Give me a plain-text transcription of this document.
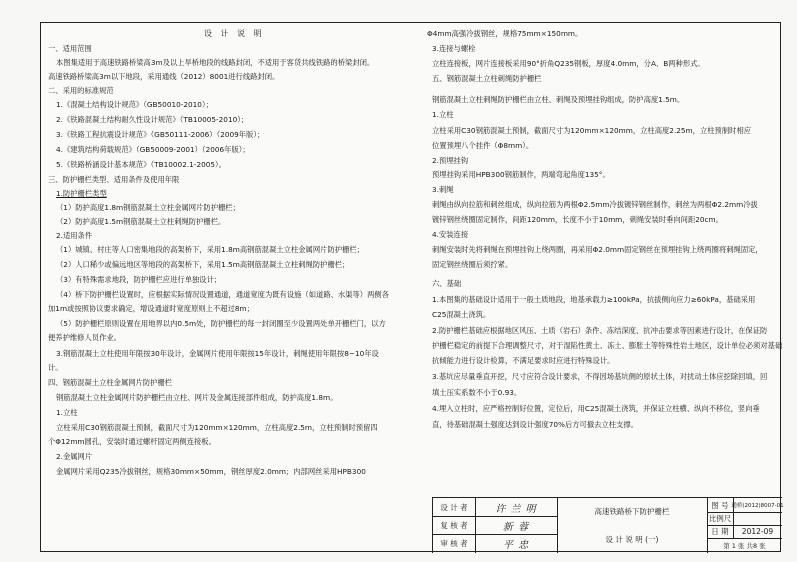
设 计 说 明
一、适用范围
本图集适用于高速铁路桥梁高3m及以上旱桥地段的线路封闭，不适用于客货共线铁路的桥梁封闭。
高速铁路桥梁高3m以下地段，采用通线（2012）8001进行线路封闭。
二、采用的标准规范
1.《混凝土结构设计规范》（GB50010-2010）；
2.《铁路混凝土结构耐久性设计规范》（TB10005-2010）；
3.《铁路工程抗震设计规范》（GB50111-2006）（2009年版）；
4.《建筑结构荷载规范》（GB50009-2001）（2006年版）；
5.《铁路桥涵设计基本规范》（TB10002.1-2005）。
三、防护栅栏类型、适用条件及使用年限
1.防护栅栏类型
（1）防护高度1.8m钢筋混凝土立柱金属网片防护栅栏；
（2）防护高度1.5m钢筋混凝土立柱刺绳防护栅栏。
2.适用条件
（1）城镇、村庄等人口密集地段的高架桥下，采用1.8m高钢筋混凝土立柱金属网片防护栅栏；
（2）人口稀少或偏远地区等地段的高架桥下，采用1.5m高钢筋混凝土立柱刺绳防护栅栏；
（3）有特殊需求地段，防护栅栏应进行单独设计；
（4）桥下防护栅栏设置时，应根据实际情况设置通道，通道宽度为既有设施（如道路、水渠等）两侧各
加1m或按照协议要求确定，增设通道时宽度原则上不超过8m；
（5）防护栅栏原则设置在用地界以内0.5m处，防护栅栏的每一封闭圈至少设置两处单开栅栏门，以方
便养护维修人员作业。
3.钢筋混凝土立柱使用年限按30年设计，金属网片使用年限按15年设计，刺绳使用年限按8~10年设
计。
四、钢筋混凝土立柱金属网片防护栅栏
钢筋混凝土立柱金属网片防护栅栏由立柱、网片及金属连接部件组成，防护高度1.8m。
1.立柱
立柱采用C30钢筋混凝土预制，截面尺寸为120mm×120mm，立柱高度2.5m，立柱预制时预留四
个Φ12mm圆孔，安装时通过螺杆固定两侧连接板。
2.金属网片
金属网片采用Q235冷拔钢丝，规格30mm×50mm，钢丝厚度2.0mm；内部网丝采用HPB300
Φ4mm高强冷拔钢丝，规格75mm×150mm。
3.连接与螺栓
立柱连接板，网片连接板采用90°折角Q235钢板，厚度4.0mm，分A、B两种形式。
五、钢筋混凝土立柱刺绳防护栅栏
钢筋混凝土立柱刺绳防护栅栏由立柱、刺绳及预埋挂钩组成，防护高度1.5m。
1.立柱
立柱采用C30钢筋混凝土预制，截面尺寸为120mm×120mm，立柱高度2.25m，立柱预制时相应
位置预埋八个挂件（Φ8mm）。
2.预埋挂钩
预埋挂钩采用HPB300钢筋制作，两端弯起角度135°。
3.刺绳
刺绳由纵向拉筋和刺丝组成，纵向拉筋为两根Φ2.5mm冷拔镀锌钢丝制作，刺丝为两根Φ2.2mm冷拔
镀锌钢丝绕圈固定制作，间距120mm，长度不小于10mm，刺绳安装时垂向间距20cm。
4.安装连接
刺绳安装时先将刺绳在预埋挂钩上绕两圈，再采用Φ2.0mm固定钢丝在预埋挂钩上绕两圈将刺绳固定，
固定钢丝绕圈后须拧紧。
六、基础
1.本图集的基础设计适用于一般土质地段，地基承载力≥100kPa，抗拔侧向应力≥60kPa，基础采用
C25混凝土浇筑。
2.防护栅栏基础应根据地区风压、土质（岩石）条件、冻结深度、抗冲击要求等因素进行设计，在保证防
护栅栏稳定的前提下合理调整尺寸，对于湿陷性黄土、冻土、膨胀土等特殊性岩土地区，设计单位必须对基础
抗倾能力进行设计检算，不满足要求时应进行特殊设计。
3.基坑应尽量垂直开挖，尺寸应符合设计要求，不得因场基坑侧的原状土体，对扰动土体应挖除回填，回
填土压实系数不小于0.93。
4.埋入立柱时，应严格控制好位置，定位后，用C25混凝土浇筑，并保证立柱横、纵向不移位，竖向垂
直，待基础混凝土强度达到设计强度70%后方可撤去立柱支撑。
设 计 者
复 核 者
审 核 者
许 兰 明
新 蓉
平 忠
高速铁路桥下防护栅栏
设 计 说 明 (一)
图 号 通桥(2012)8007-01
比例尺
日 期	2012-09
第 1 张 共8 张
